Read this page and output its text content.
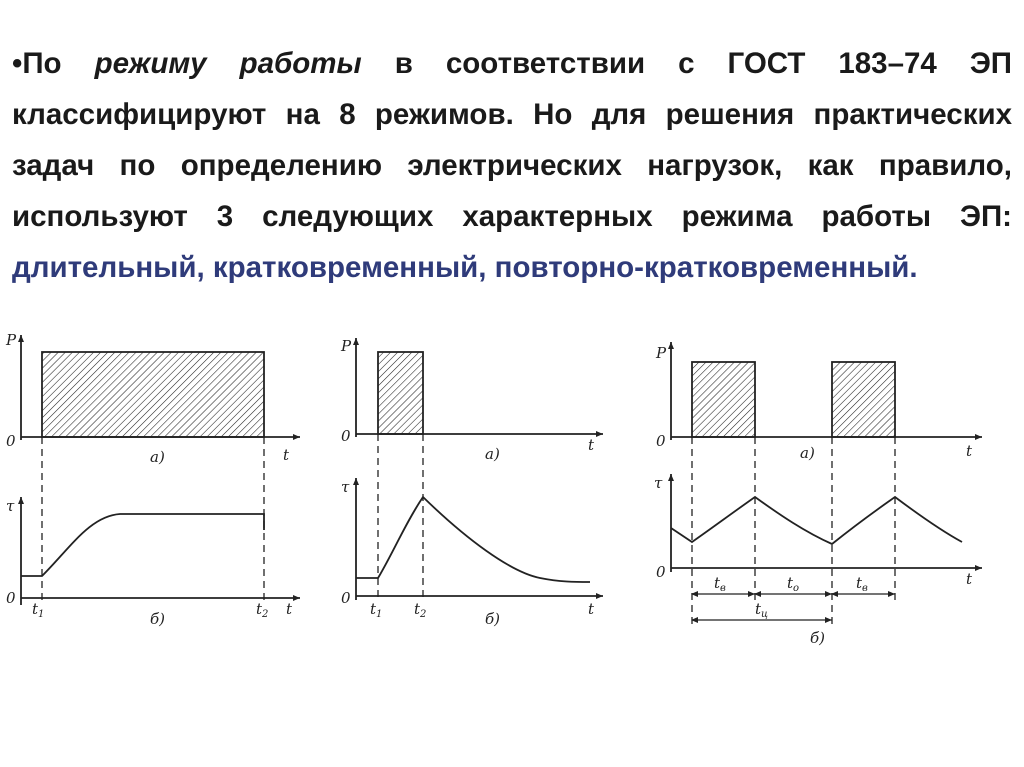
•По режиму работы в соответствии с ГОСТ 183–74 ЭП классифицируют на 8 режимов. Но для решения практических задач по определению электрических нагрузок, как правило, используют 3 следующих характерных режима работы ЭП: длительный, кратковременный, повторно-кратковременный.
P
0
t
а)
τ
0
t
б)
$t_1$	$t_2$
P
0	t
а)
τ
0
t
б)
$t_1$ $t_2$
P
0
t
а)
τ
0	t
б)
$t_в$	$t_о$	$t_в$
$t_ц$
